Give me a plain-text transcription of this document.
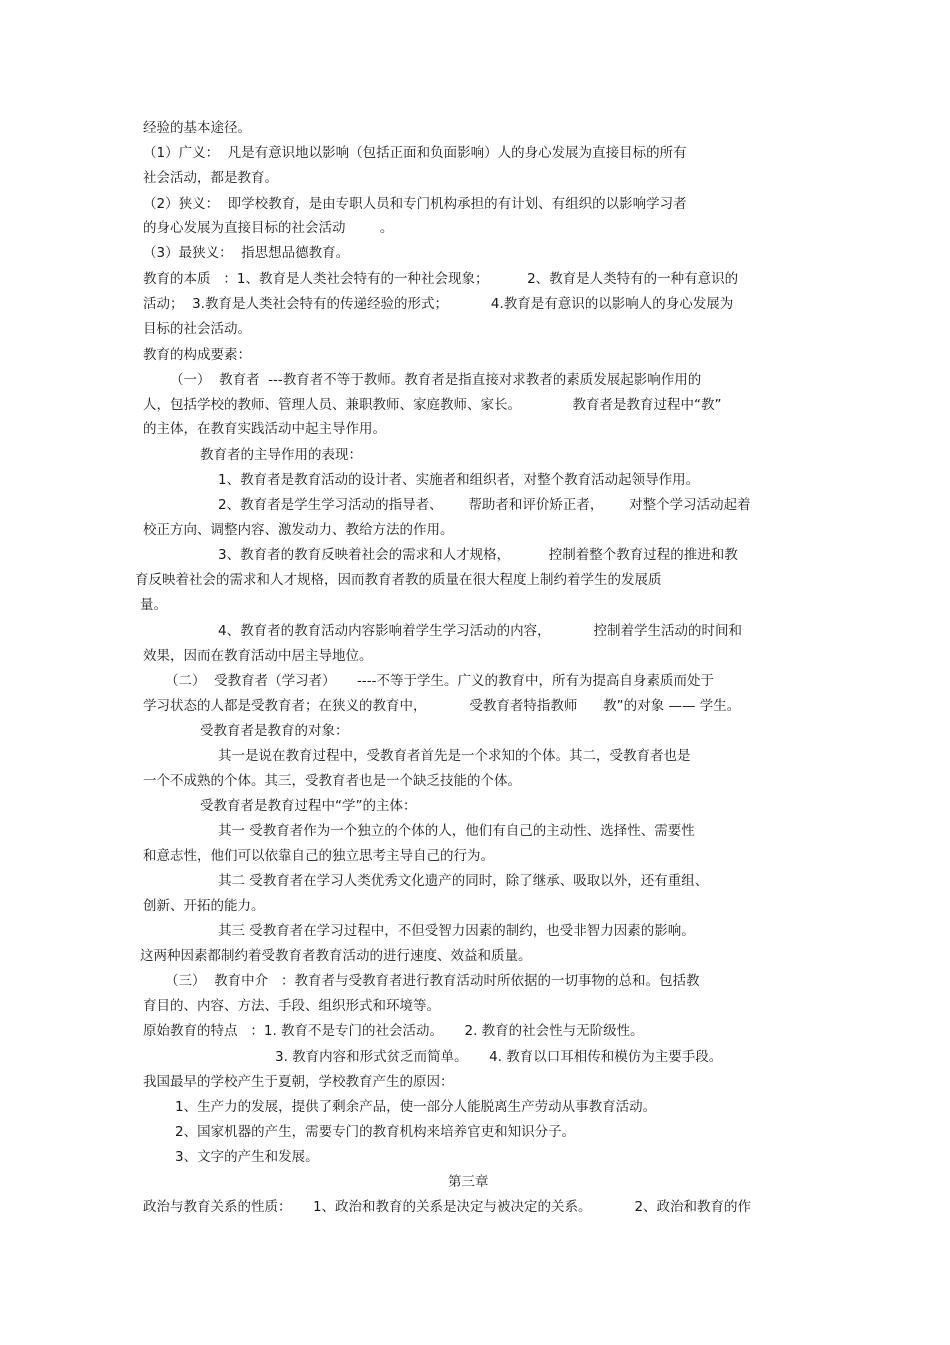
经验的基本途径。

（1）广义：  凡是有意识地以影响（包括正面和负面影响）人的身心发展为直接目标的所有

社会活动，都是教育。

（2）狭义：  即学校教育，是由专职人员和专门机构承担的有计划、有组织的以影响学习者

的身心发展为直接目标的社会活动        。

（3）最狭义：  指思想品德教育。

教育的本质   ：1、教育是人类社会特有的一种社会现象；         2、教育是人类特有的一种有意识的

活动；  3.教育是人类社会特有的传递经验的形式；          4.教育是有意识的以影响人的身心发展为

目标的社会活动。

教育的构成要素：

（一）  教育者  ---教育者不等于教师。教育者是指直接对求教者的素质发展起影响作用的

人，包括学校的教师、管理人员、兼职教师、家庭教师、家长。            教育者是教育过程中“教”

的主体，在教育实践活动中起主导作用。

教育者的主导作用的表现：

1、教育者是教育活动的设计者、实施者和组织者，对整个教育活动起领导作用。

2、教育者是学生学习活动的指导者、      帮助者和评价矫正者，      对整个学习活动起着

校正方向、调整内容、激发动力、教给方法的作用。

3、教育者的教育反映着社会的需求和人才规格，         控制着整个教育过程的推进和教

育反映着社会的需求和人才规格，因而教育者教的质量在很大程度上制约着学生的发展质

量。

4、教育者的教育活动内容影响着学生学习活动的内容，          控制着学生活动的时间和

效果，因而在教育活动中居主导地位。

（二）  受教育者（学习者）     ----不等于学生。广义的教育中，所有为提高自身素质而处于

学习状态的人都是受教育者；在狭义的教育中，          受教育者特指教师      教”的对象 —— 学生。

受教育者是教育的对象：

其一是说在教育过程中，受教育者首先是一个求知的个体。其二，受教育者也是

一个不成熟的个体。其三，受教育者也是一个缺乏技能的个体。

受教育者是教育过程中“学”的主体：

其一 受教育者作为一个独立的个体的人，他们有自己的主动性、选择性、需要性

和意志性，他们可以依靠自己的独立思考主导自己的行为。

其二 受教育者在学习人类优秀文化遗产的同时，除了继承、吸取以外，还有重组、

创新、开拓的能力。

其三 受教育者在学习过程中，不但受智力因素的制约，也受非智力因素的影响。

这两种因素都制约着受教育者教育活动的进行速度、效益和质量。

（三）  教育中介   ：教育者与受教育者进行教育活动时所依据的一切事物的总和。包括教

育目的、内容、方法、手段、组织形式和环境等。

原始教育的特点   ：1. 教育不是专门的社会活动。     2. 教育的社会性与无阶级性。

3. 教育内容和形式贫乏而简单。     4. 教育以口耳相传和模仿为主要手段。

我国最早的学校产生于夏朝，学校教育产生的原因：

1、生产力的发展，提供了剩余产品，使一部分人能脱离生产劳动从事教育活动。

2、国家机器的产生，需要专门的教育机构来培养官吏和知识分子。

3、文字的产生和发展。

第三章

政治与教育关系的性质：     1、政治和教育的关系是决定与被决定的关系。          2、政治和教育的作
